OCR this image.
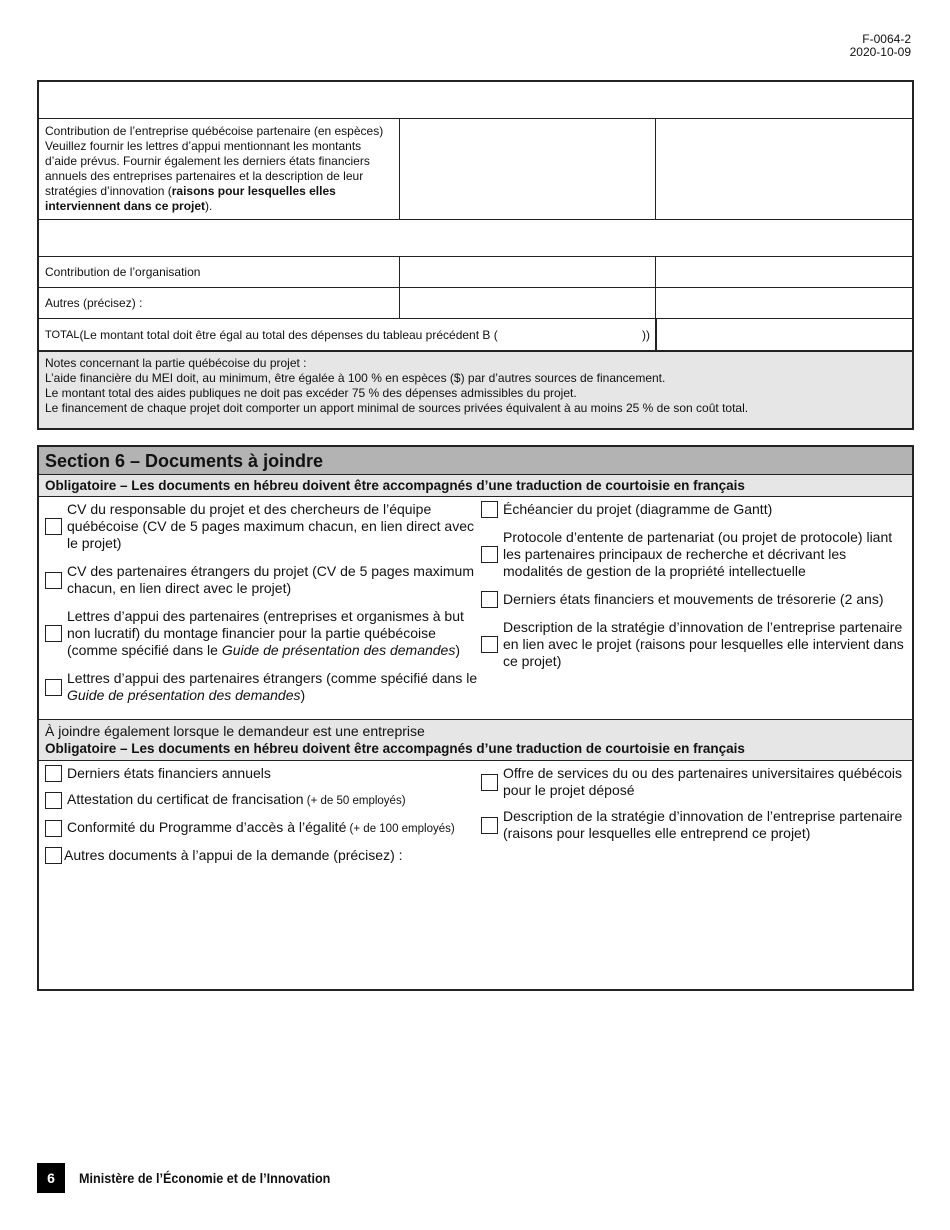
F-0064-2
2020-10-09
Contribution de l’entreprise québécoise partenaire (en espèces) Veuillez fournir les lettres d’appui mentionnant les montants d’aide prévus. Fournir également les derniers états financiers annuels des entreprises partenaires et la description de leur stratégies d’innovation (raisons pour lesquelles elles interviennent dans ce projet).
Contribution de l’organisation
Autres (précisez) :
TOTAL (Le montant total doit être égal au total des dépenses du tableau précédent B (	))
Notes concernant la partie québécoise du projet :
L’aide financière du MEI doit, au minimum, être égalée à 100 % en espèces ($) par d’autres sources de financement.
Le montant total des aides publiques ne doit pas excéder 75 % des dépenses admissibles du projet.
Le financement de chaque projet doit comporter un apport minimal de sources privées équivalent à au moins 25 % de son coût total.
Section 6 – Documents à joindre
Obligatoire – Les documents en hébreu doivent être accompagnés d’une traduction de courtoisie en français
CV du responsable du projet et des chercheurs de l’équipe québécoise (CV de 5 pages maximum chacun, en lien direct avec le projet)
CV des partenaires étrangers du projet (CV de 5 pages maximum chacun, en lien direct avec le projet)
Lettres d’appui des partenaires (entreprises et organismes à but non lucratif) du montage financier pour la partie québécoise (comme spécifié dans le Guide de présentation des demandes)
Lettres d’appui des partenaires étrangers (comme spécifié dans le Guide de présentation des demandes)
Échéancier du projet (diagramme de Gantt)
Protocole d’entente de partenariat (ou projet de protocole) liant les partenaires principaux de recherche et décrivant les modalités de gestion de la propriété intellectuelle
Derniers états financiers et mouvements de trésorerie (2 ans)
Description de la stratégie d’innovation de l’entreprise partenaire en lien avec le projet (raisons pour lesquelles elle intervient dans ce projet)
À joindre également lorsque le demandeur est une entreprise
Obligatoire – Les documents en hébreu doivent être accompagnés d’une traduction de courtoisie en français
Derniers états financiers annuels
Attestation du certificat de francisation (+ de 50 employés)
Conformité du Programme d’accès à l’égalité (+ de 100 employés)
Autres documents à l’appui de la demande (précisez) :
Offre de services du ou des partenaires universitaires québécois pour le projet déposé
Description de la stratégie d’innovation de l’entreprise partenaire (raisons pour lesquelles elle entreprend ce projet)
6	Ministère de l’Économie et de l’Innovation
